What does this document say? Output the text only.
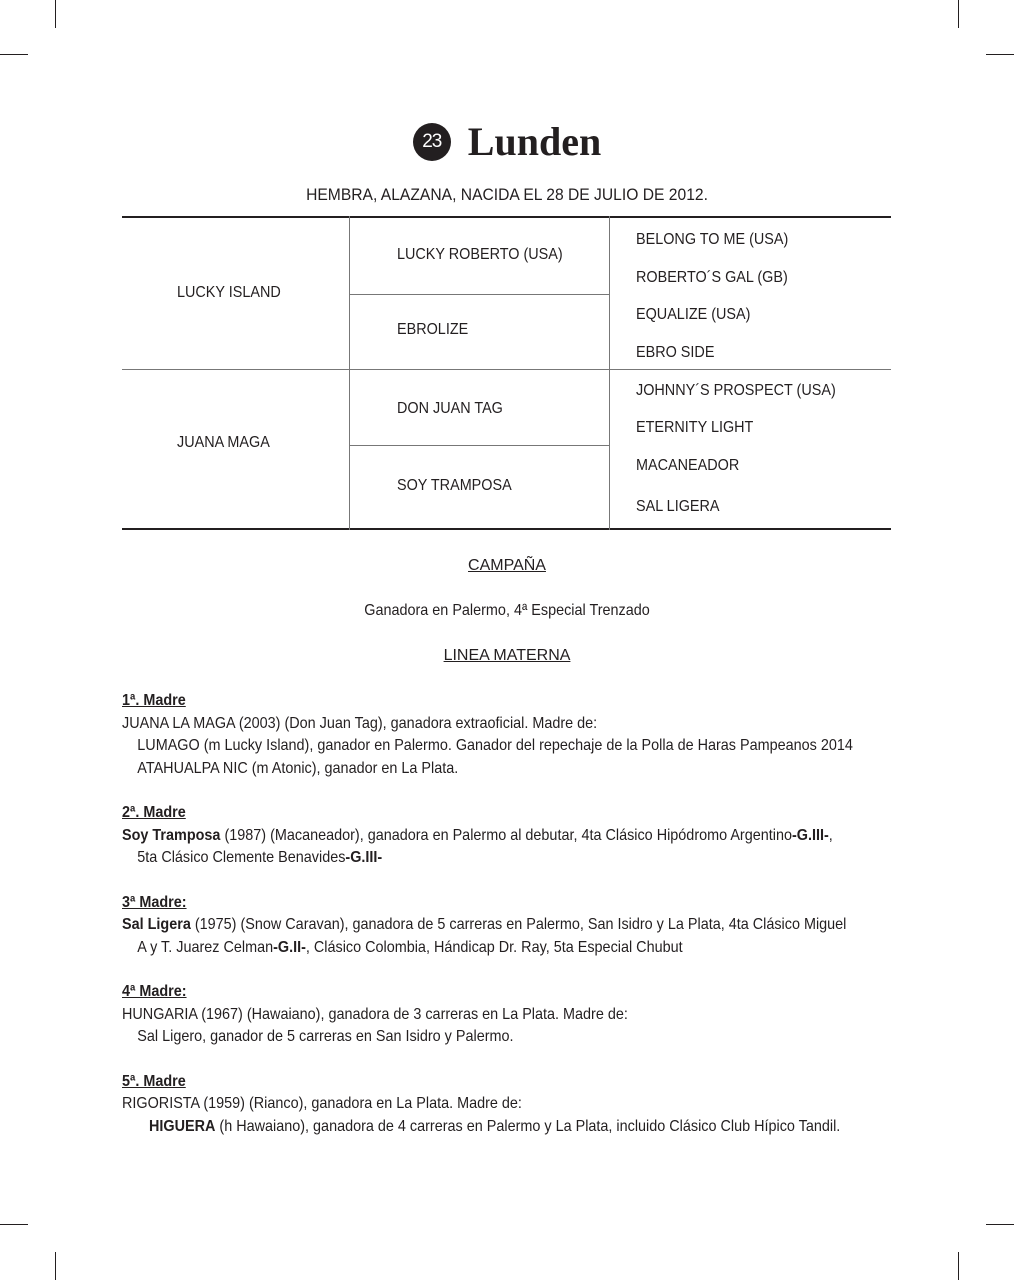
23 Lunden
HEMBRA, ALAZANA, NACIDA EL 28 DE JULIO DE 2012.
LUCKY ISLAND
JUANA MAGA
LUCKY ROBERTO (USA)
EBROLIZE
DON JUAN TAG
SOY TRAMPOSA
BELONG TO ME (USA)
ROBERTO´S GAL (GB)
EQUALIZE (USA)
EBRO SIDE
JOHNNY´S PROSPECT (USA)
ETERNITY LIGHT
MACANEADOR
SAL LIGERA
CAMPAÑA
Ganadora en Palermo, 4ª Especial Trenzado
LINEA MATERNA
1ª. Madre
JUANA LA MAGA (2003) (Don Juan Tag), ganadora extraoficial. Madre de:
LUMAGO (m Lucky Island), ganador en Palermo. Ganador del repechaje de la Polla de Haras Pampeanos 2014
ATAHUALPA NIC (m Atonic), ganador en La Plata.
2ª. Madre
Soy Tramposa (1987) (Macaneador), ganadora en Palermo al debutar, 4ta Clásico Hipódromo Argentino-G.III-,
5ta Clásico Clemente Benavides-G.III-
3ª Madre:
Sal Ligera (1975) (Snow Caravan), ganadora de 5 carreras en Palermo, San Isidro y La Plata, 4ta Clásico Miguel
A y T. Juarez Celman-G.II-, Clásico Colombia, Hándicap Dr. Ray, 5ta Especial Chubut
4ª Madre:
HUNGARIA (1967) (Hawaiano), ganadora de 3 carreras en La Plata. Madre de:
Sal Ligero, ganador de 5 carreras en San Isidro y Palermo.
5ª. Madre
RIGORISTA (1959) (Rianco), ganadora en La Plata. Madre de:
HIGUERA (h Hawaiano), ganadora de 4 carreras en Palermo y La Plata, incluido Clásico Club Hípico Tandil.
